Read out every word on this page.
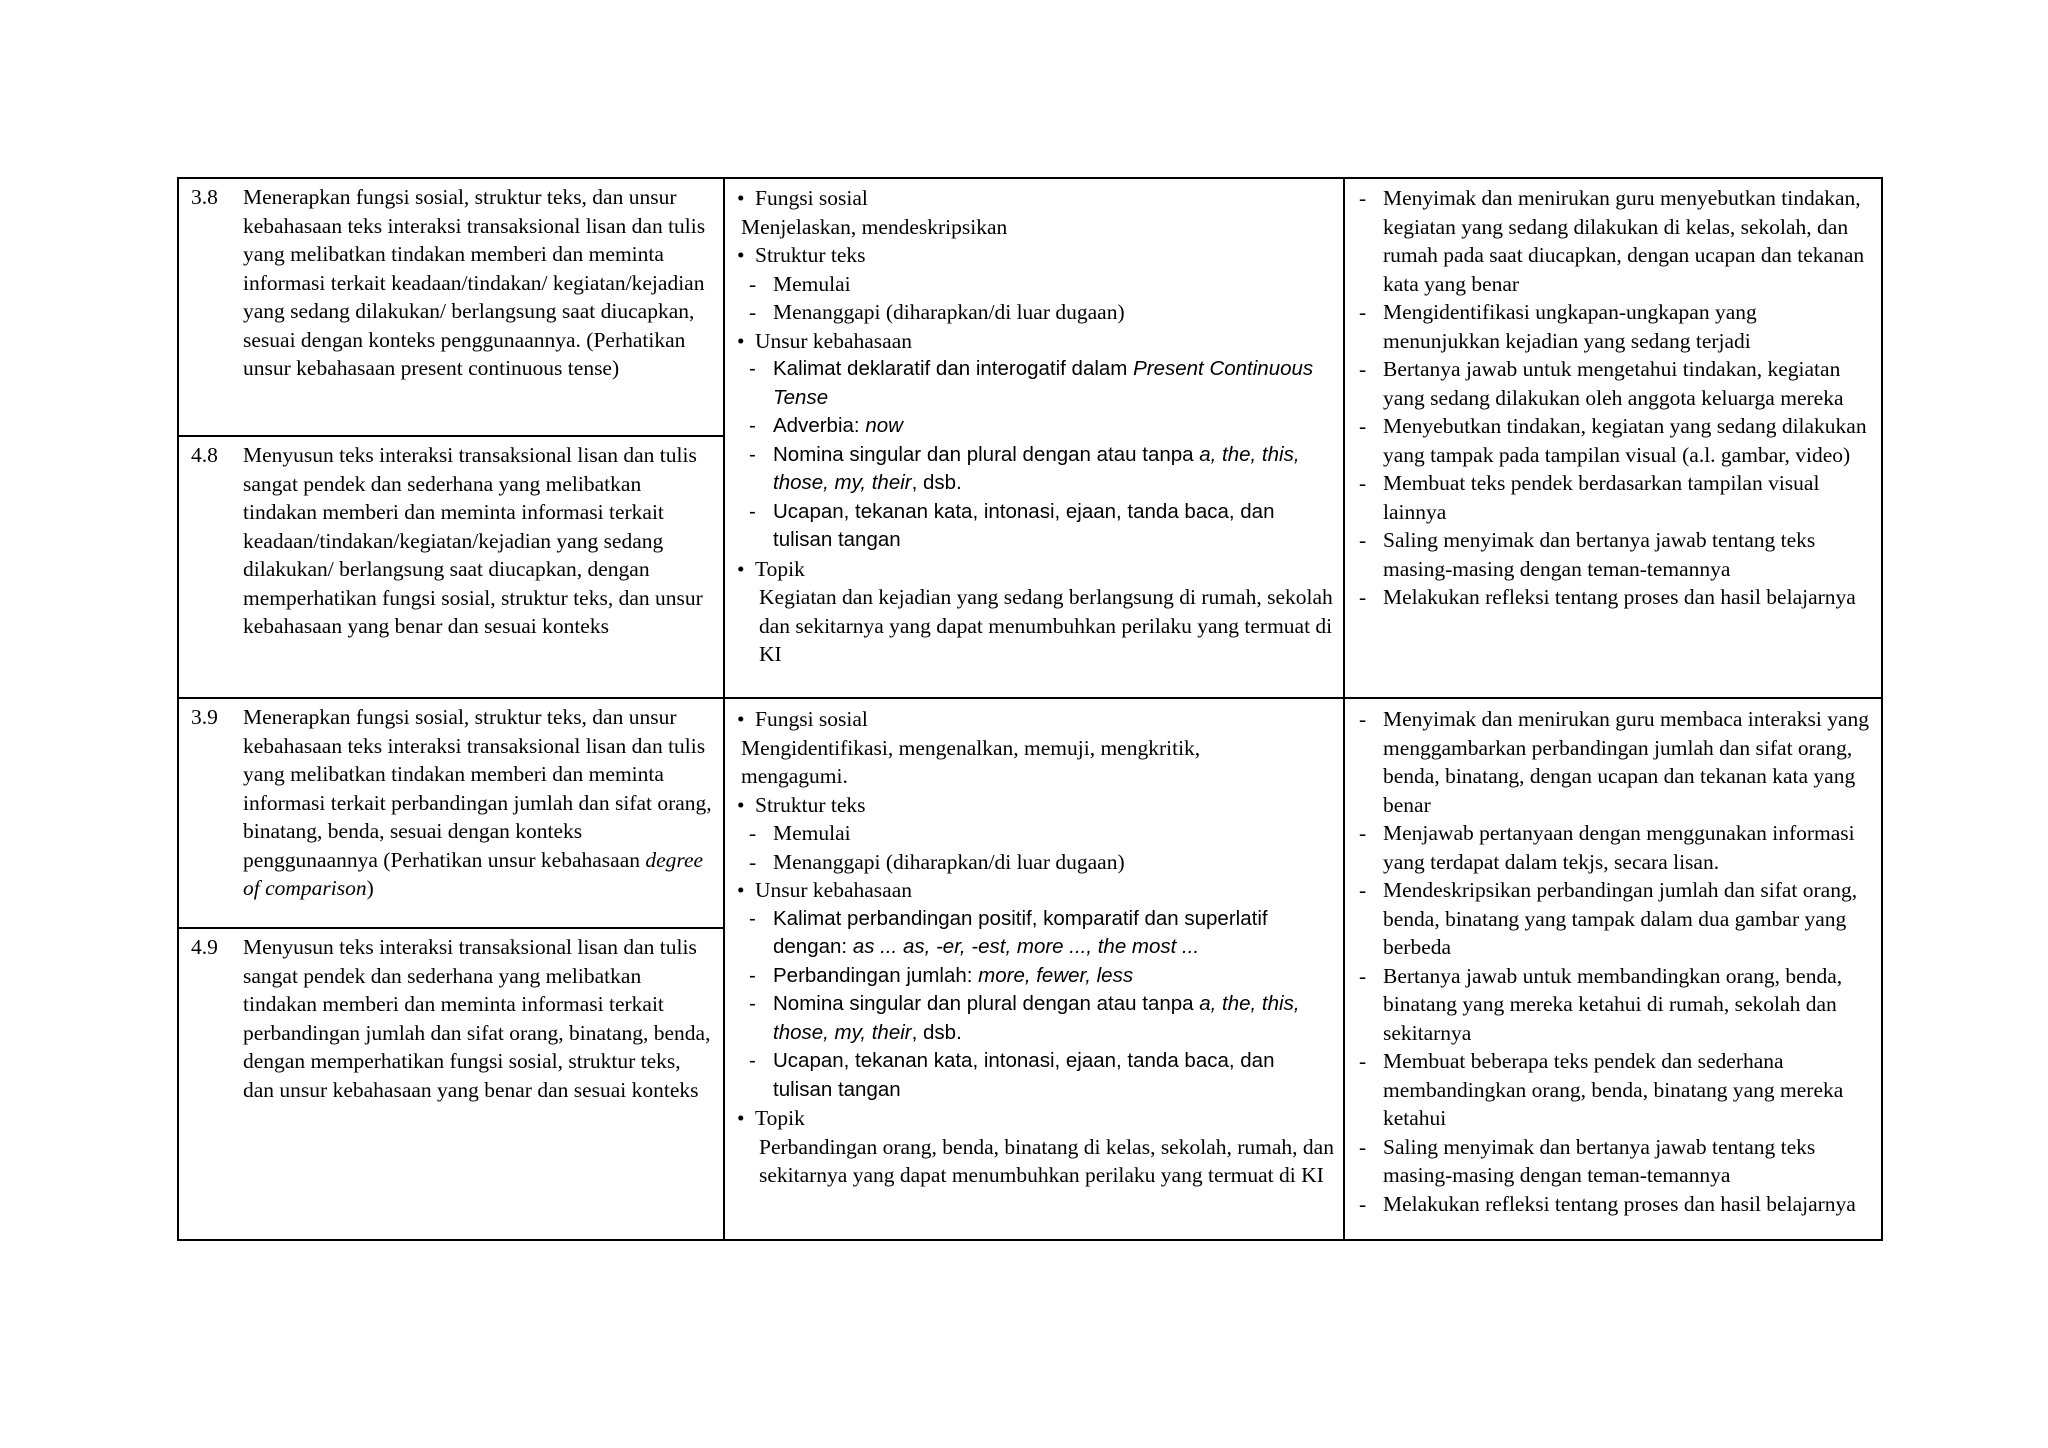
3.8 Menerapkan fungsi sosial, struktur teks, dan unsur kebahasaan teks interaksi transaksional lisan dan tulis yang melibatkan tindakan memberi dan meminta informasi terkait keadaan/tindakan/ kegiatan/kejadian yang sedang dilakukan/ berlangsung saat diucapkan, sesuai dengan konteks penggunaannya. (Perhatikan unsur kebahasaan present continuous tense)
4.8 Menyusun teks interaksi transaksional lisan dan tulis sangat pendek dan sederhana yang melibatkan tindakan memberi dan meminta informasi terkait keadaan/tindakan/kegiatan/kejadian yang sedang dilakukan/ berlangsung saat diucapkan, dengan memperhatikan fungsi sosial, struktur teks, dan unsur kebahasaan yang benar dan sesuai konteks
• Fungsi sosial
Menjelaskan, mendeskripsikan
• Struktur teks
- Memulai
- Menanggapi (diharapkan/di luar dugaan)
• Unsur kebahasaan
- Kalimat deklaratif dan interogatif dalam Present Continuous Tense
- Adverbia: now
- Nomina singular dan plural dengan atau tanpa a, the, this, those, my, their, dsb.
- Ucapan, tekanan kata, intonasi, ejaan, tanda baca, dan tulisan tangan
• Topik
Kegiatan dan kejadian yang sedang berlangsung di rumah, sekolah dan sekitarnya yang dapat menumbuhkan perilaku yang termuat di KI
- Menyimak dan menirukan guru menyebutkan tindakan, kegiatan yang sedang dilakukan di kelas, sekolah, dan rumah pada saat diucapkan, dengan ucapan dan tekanan kata yang benar
- Mengidentifikasi ungkapan-ungkapan yang menunjukkan kejadian yang sedang terjadi
- Bertanya jawab untuk mengetahui tindakan, kegiatan yang sedang dilakukan oleh anggota keluarga mereka
- Menyebutkan tindakan, kegiatan yang sedang dilakukan yang tampak pada tampilan visual (a.l. gambar, video)
- Membuat teks pendek berdasarkan tampilan visual lainnya
- Saling menyimak dan bertanya jawab tentang teks masing-masing dengan teman-temannya
- Melakukan refleksi tentang proses dan hasil belajarnya
3.9 Menerapkan fungsi sosial, struktur teks, dan unsur kebahasaan teks interaksi transaksional lisan dan tulis yang melibatkan tindakan memberi dan meminta informasi terkait perbandingan jumlah dan sifat orang, binatang, benda, sesuai dengan konteks penggunaannya (Perhatikan unsur kebahasaan degree of comparison)
4.9 Menyusun teks interaksi transaksional lisan dan tulis sangat pendek dan sederhana yang melibatkan tindakan memberi dan meminta informasi terkait perbandingan jumlah dan sifat orang, binatang, benda, dengan memperhatikan fungsi sosial, struktur teks, dan unsur kebahasaan yang benar dan sesuai konteks
• Fungsi sosial
Mengidentifikasi, mengenalkan, memuji, mengkritik, mengagumi.
• Struktur teks
- Memulai
- Menanggapi (diharapkan/di luar dugaan)
• Unsur kebahasaan
- Kalimat perbandingan positif, komparatif dan superlatif dengan: as ... as, -er, -est, more ..., the most ...
- Perbandingan jumlah: more, fewer, less
- Nomina singular dan plural dengan atau tanpa a, the, this, those, my, their, dsb.
- Ucapan, tekanan kata, intonasi, ejaan, tanda baca, dan tulisan tangan
• Topik
Perbandingan orang, benda, binatang di kelas, sekolah, rumah, dan sekitarnya yang dapat menumbuhkan perilaku yang termuat di KI
- Menyimak dan menirukan guru membaca interaksi yang menggambarkan perbandingan jumlah dan sifat orang, benda, binatang, dengan ucapan dan tekanan kata yang benar
- Menjawab pertanyaan dengan menggunakan informasi yang terdapat dalam tekjs, secara lisan.
- Mendeskripsikan perbandingan jumlah dan sifat orang, benda, binatang yang tampak dalam dua gambar yang berbeda
- Bertanya jawab untuk membandingkan orang, benda, binatang yang mereka ketahui di rumah, sekolah dan sekitarnya
- Membuat beberapa teks pendek dan sederhana membandingkan orang, benda, binatang yang mereka ketahui
- Saling menyimak dan bertanya jawab tentang teks masing-masing dengan teman-temannya
- Melakukan refleksi tentang proses dan hasil belajarnya
